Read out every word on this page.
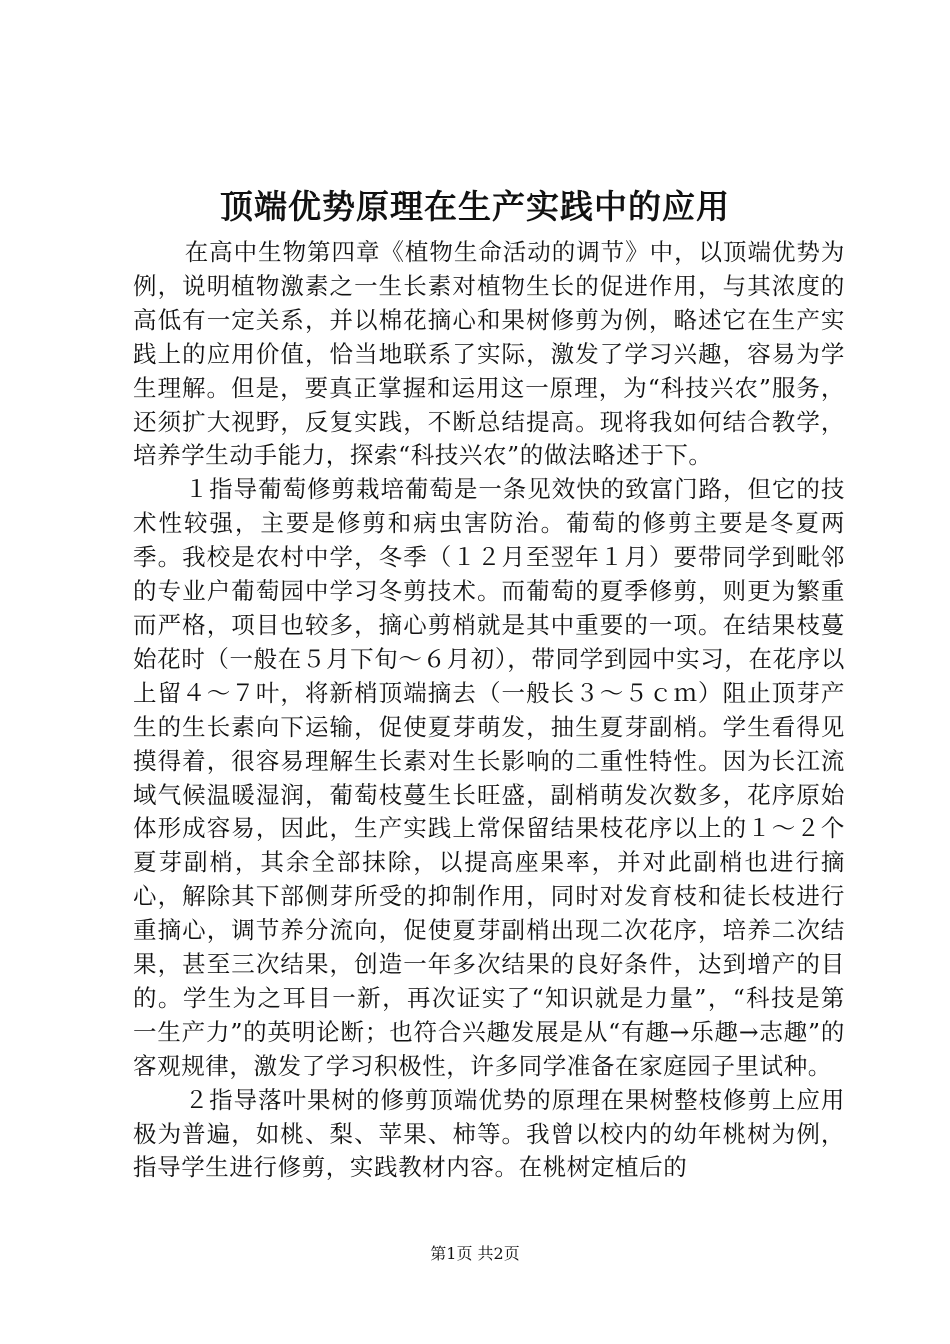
顶端优势原理在生产实践中的应用

在高中生物第四章《植物生命活动的调节》中，以顶端优势为例，说明植物激素之一生长素对植物生长的促进作用，与其浓度的高低有一定关系，并以棉花摘心和果树修剪为例，略述它在生产实践上的应用价值，恰当地联系了实际，激发了学习兴趣，容易为学生理解。但是，要真正掌握和运用这一原理，为“科技兴农”服务，还须扩大视野，反复实践，不断总结提高。现将我如何结合教学，培养学生动手能力，探索“科技兴农”的做法略述于下。

１指导葡萄修剪栽培葡萄是一条见效快的致富门路，但它的技术性较强，主要是修剪和病虫害防治。葡萄的修剪主要是冬夏两季。我校是农村中学，冬季（１２月至翌年１月）要带同学到毗邻的专业户葡萄园中学习冬剪技术。而葡萄的夏季修剪，则更为繁重而严格，项目也较多，摘心剪梢就是其中重要的一项。在结果枝蔓始花时（一般在５月下旬～６月初），带同学到园中实习，在花序以上留４～７叶，将新梢顶端摘去（一般长３～５ｃｍ）阻止顶芽产生的生长素向下运输，促使夏芽萌发，抽生夏芽副梢。学生看得见摸得着，很容易理解生长素对生长影响的二重性特性。因为长江流域气候温暖湿润，葡萄枝蔓生长旺盛，副梢萌发次数多，花序原始体形成容易，因此，生产实践上常保留结果枝花序以上的１～２个夏芽副梢，其余全部抹除，以提高座果率，并对此副梢也进行摘心，解除其下部侧芽所受的抑制作用，同时对发育枝和徒长枝进行重摘心，调节养分流向，促使夏芽副梢出现二次花序，培养二次结果，甚至三次结果，创造一年多次结果的良好条件，达到增产的目的。学生为之耳目一新，再次证实了“知识就是力量”，“科技是第一生产力”的英明论断；也符合兴趣发展是从“有趣→乐趣→志趣”的客观规律，激发了学习积极性，许多同学准备在家庭园子里试种。

２指导落叶果树的修剪顶端优势的原理在果树整枝修剪上应用极为普遍，如桃、梨、苹果、柿等。我曾以校内的幼年桃树为例，指导学生进行修剪，实践教材内容。在桃树定植后的

第1页 共2页
